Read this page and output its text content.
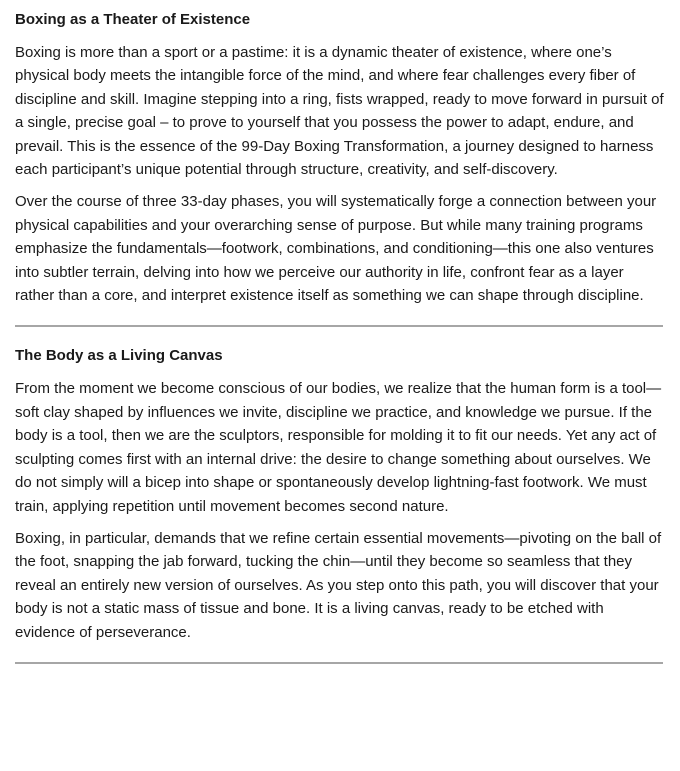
Boxing as a Theater of Existence

Boxing is more than a sport or a pastime: it is a dynamic theater of existence, where one’s physical body meets the intangible force of the mind, and where fear challenges every fiber of discipline and skill. Imagine stepping into a ring, fists wrapped, ready to move forward in pursuit of a single, precise goal – to prove to yourself that you possess the power to adapt, endure, and prevail. This is the essence of the 99-Day Boxing Transformation, a journey designed to harness each participant’s unique potential through structure, creativity, and self-discovery.

Over the course of three 33-day phases, you will systematically forge a connection between your physical capabilities and your overarching sense of purpose. But while many training programs emphasize the fundamentals—footwork, combinations, and conditioning—this one also ventures into subtler terrain, delving into how we perceive our authority in life, confront fear as a layer rather than a core, and interpret existence itself as something we can shape through discipline.

The Body as a Living Canvas

From the moment we become conscious of our bodies, we realize that the human form is a tool—soft clay shaped by influences we invite, discipline we practice, and knowledge we pursue. If the body is a tool, then we are the sculptors, responsible for molding it to fit our needs. Yet any act of sculpting comes first with an internal drive: the desire to change something about ourselves. We do not simply will a bicep into shape or spontaneously develop lightning-fast footwork. We must train, applying repetition until movement becomes second nature.

Boxing, in particular, demands that we refine certain essential movements—pivoting on the ball of the foot, snapping the jab forward, tucking the chin—until they become so seamless that they reveal an entirely new version of ourselves. As you step onto this path, you will discover that your body is not a static mass of tissue and bone. It is a living canvas, ready to be etched with evidence of perseverance.
